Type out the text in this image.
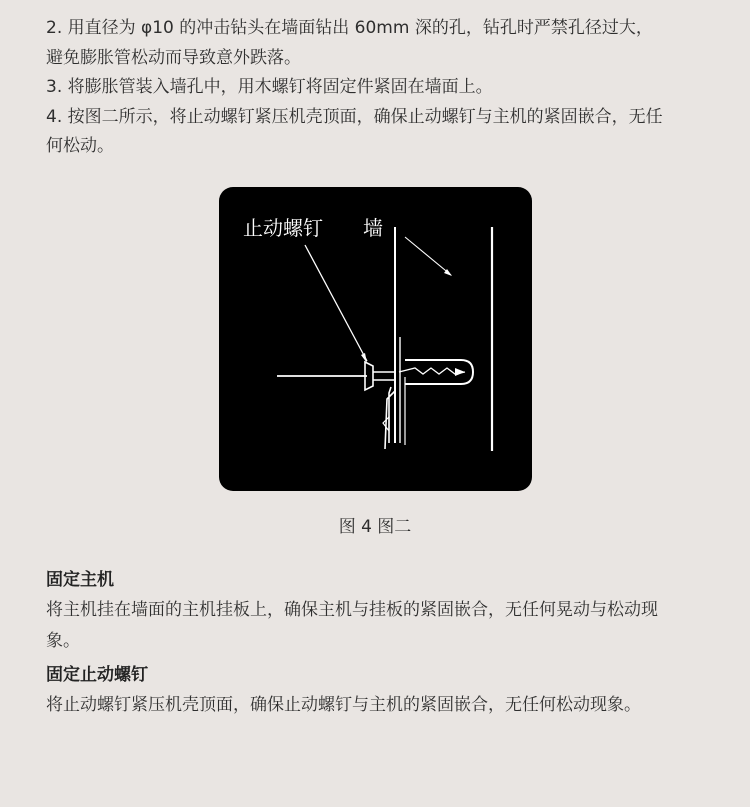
2. 用直径为 φ10 的冲击钻头在墙面钻出 60mm 深的孔，钻孔时严禁孔径过大，避免膨胀管松动而导致意外跌落。

3. 将膨胀管装入墙孔中，用木螺钉将固定件紧固在墙面上。

4. 按图二所示，将止动螺钉紧压机壳顶面，确保止动螺钉与主机的紧固嵌合，无任何松动。

止动螺钉 墙
图 4 图二
固定主机

将主机挂在墙面的主机挂板上，确保主机与挂板的紧固嵌合，无任何晃动与松动现象。

固定止动螺钉

将止动螺钉紧压机壳顶面，确保止动螺钉与主机的紧固嵌合，无任何松动现象。
